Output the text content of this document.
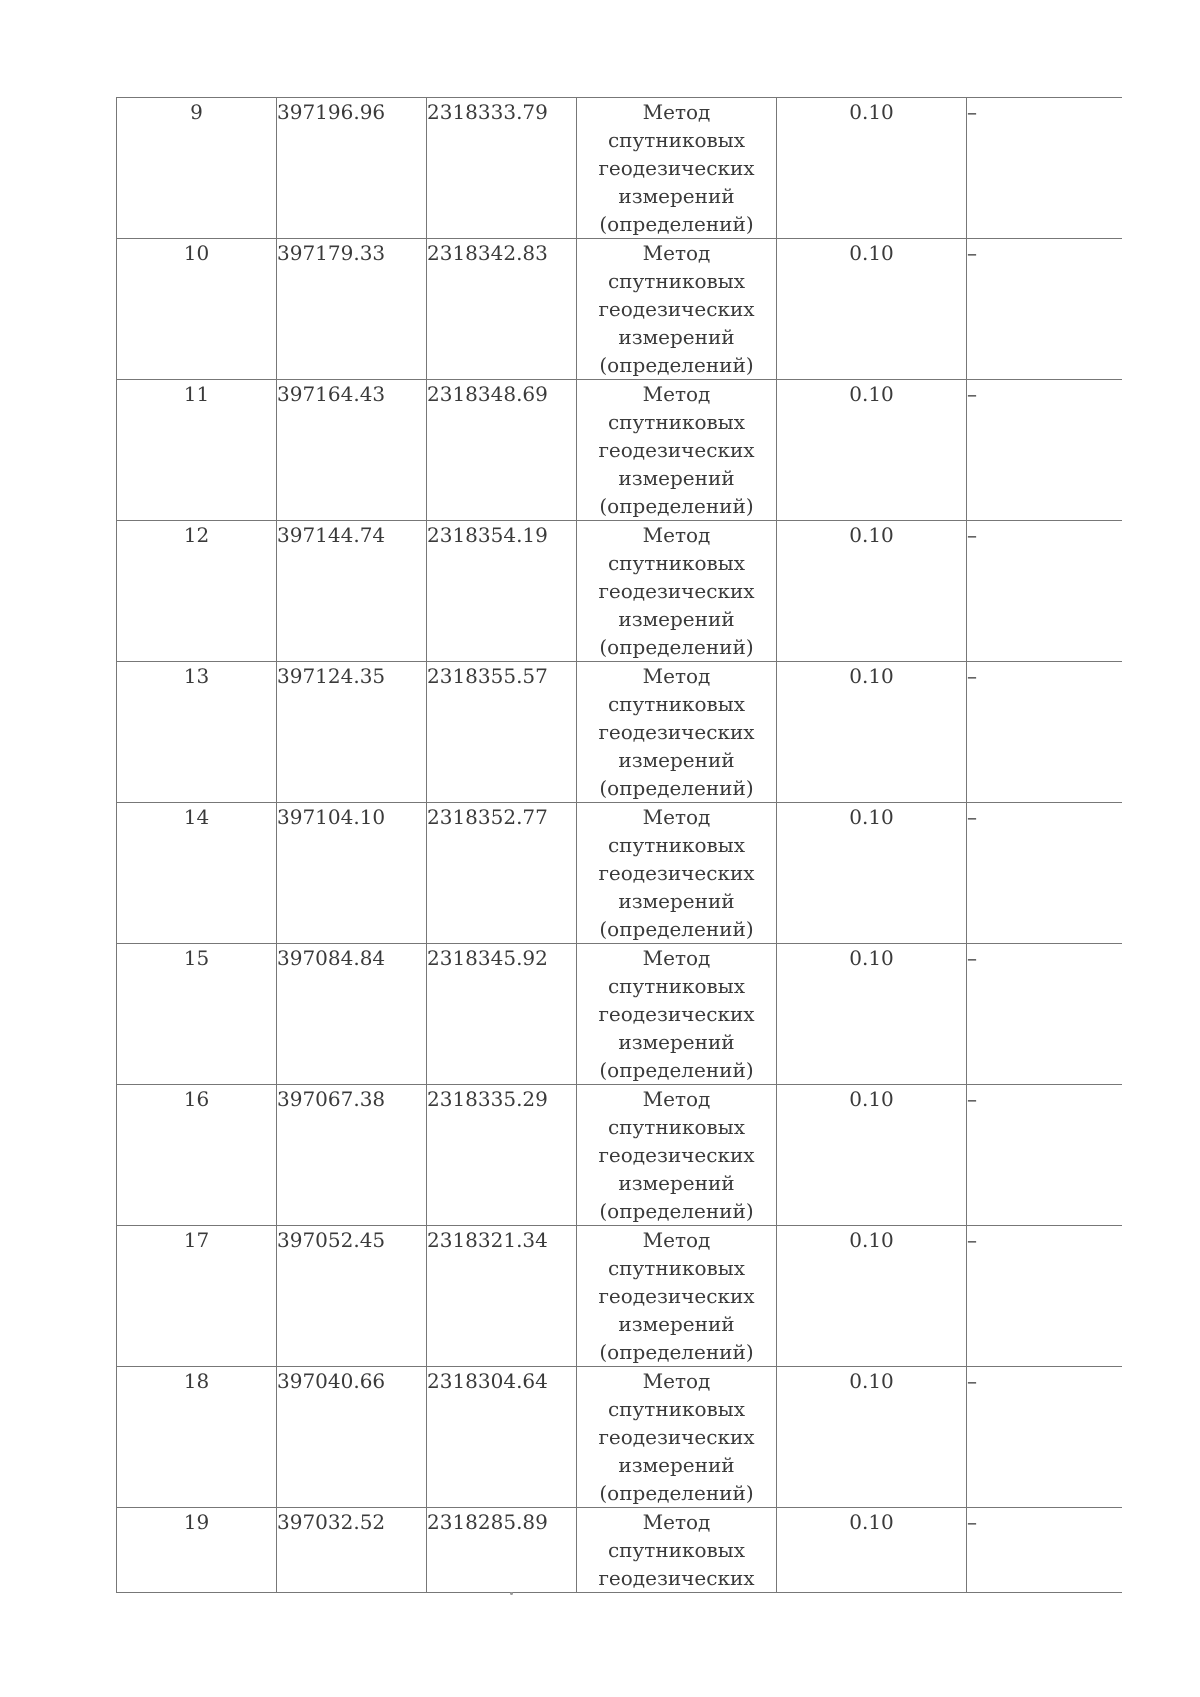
9	397196.96	2318333.79	Метод
спутниковых
геодезических
измерений
(определений)	0.10	–
10	397179.33	2318342.83	Метод
спутниковых
геодезических
измерений
(определений)	0.10	–
11	397164.43	2318348.69	Метод
спутниковых
геодезических
измерений
(определений)	0.10	–
12	397144.74	2318354.19	Метод
спутниковых
геодезических
измерений
(определений)	0.10	–
13	397124.35	2318355.57	Метод
спутниковых
геодезических
измерений
(определений)	0.10	–
14	397104.10	2318352.77	Метод
спутниковых
геодезических
измерений
(определений)	0.10	–
15	397084.84	2318345.92	Метод
спутниковых
геодезических
измерений
(определений)	0.10	–
16	397067.38	2318335.29	Метод
спутниковых
геодезических
измерений
(определений)	0.10	–
17	397052.45	2318321.34	Метод
спутниковых
геодезических
измерений
(определений)	0.10	–
18	397040.66	2318304.64	Метод
спутниковых
геодезических
измерений
(определений)	0.10	–
19	397032.52	2318285.89	Метод
спутниковых
геодезических	0.10	–
